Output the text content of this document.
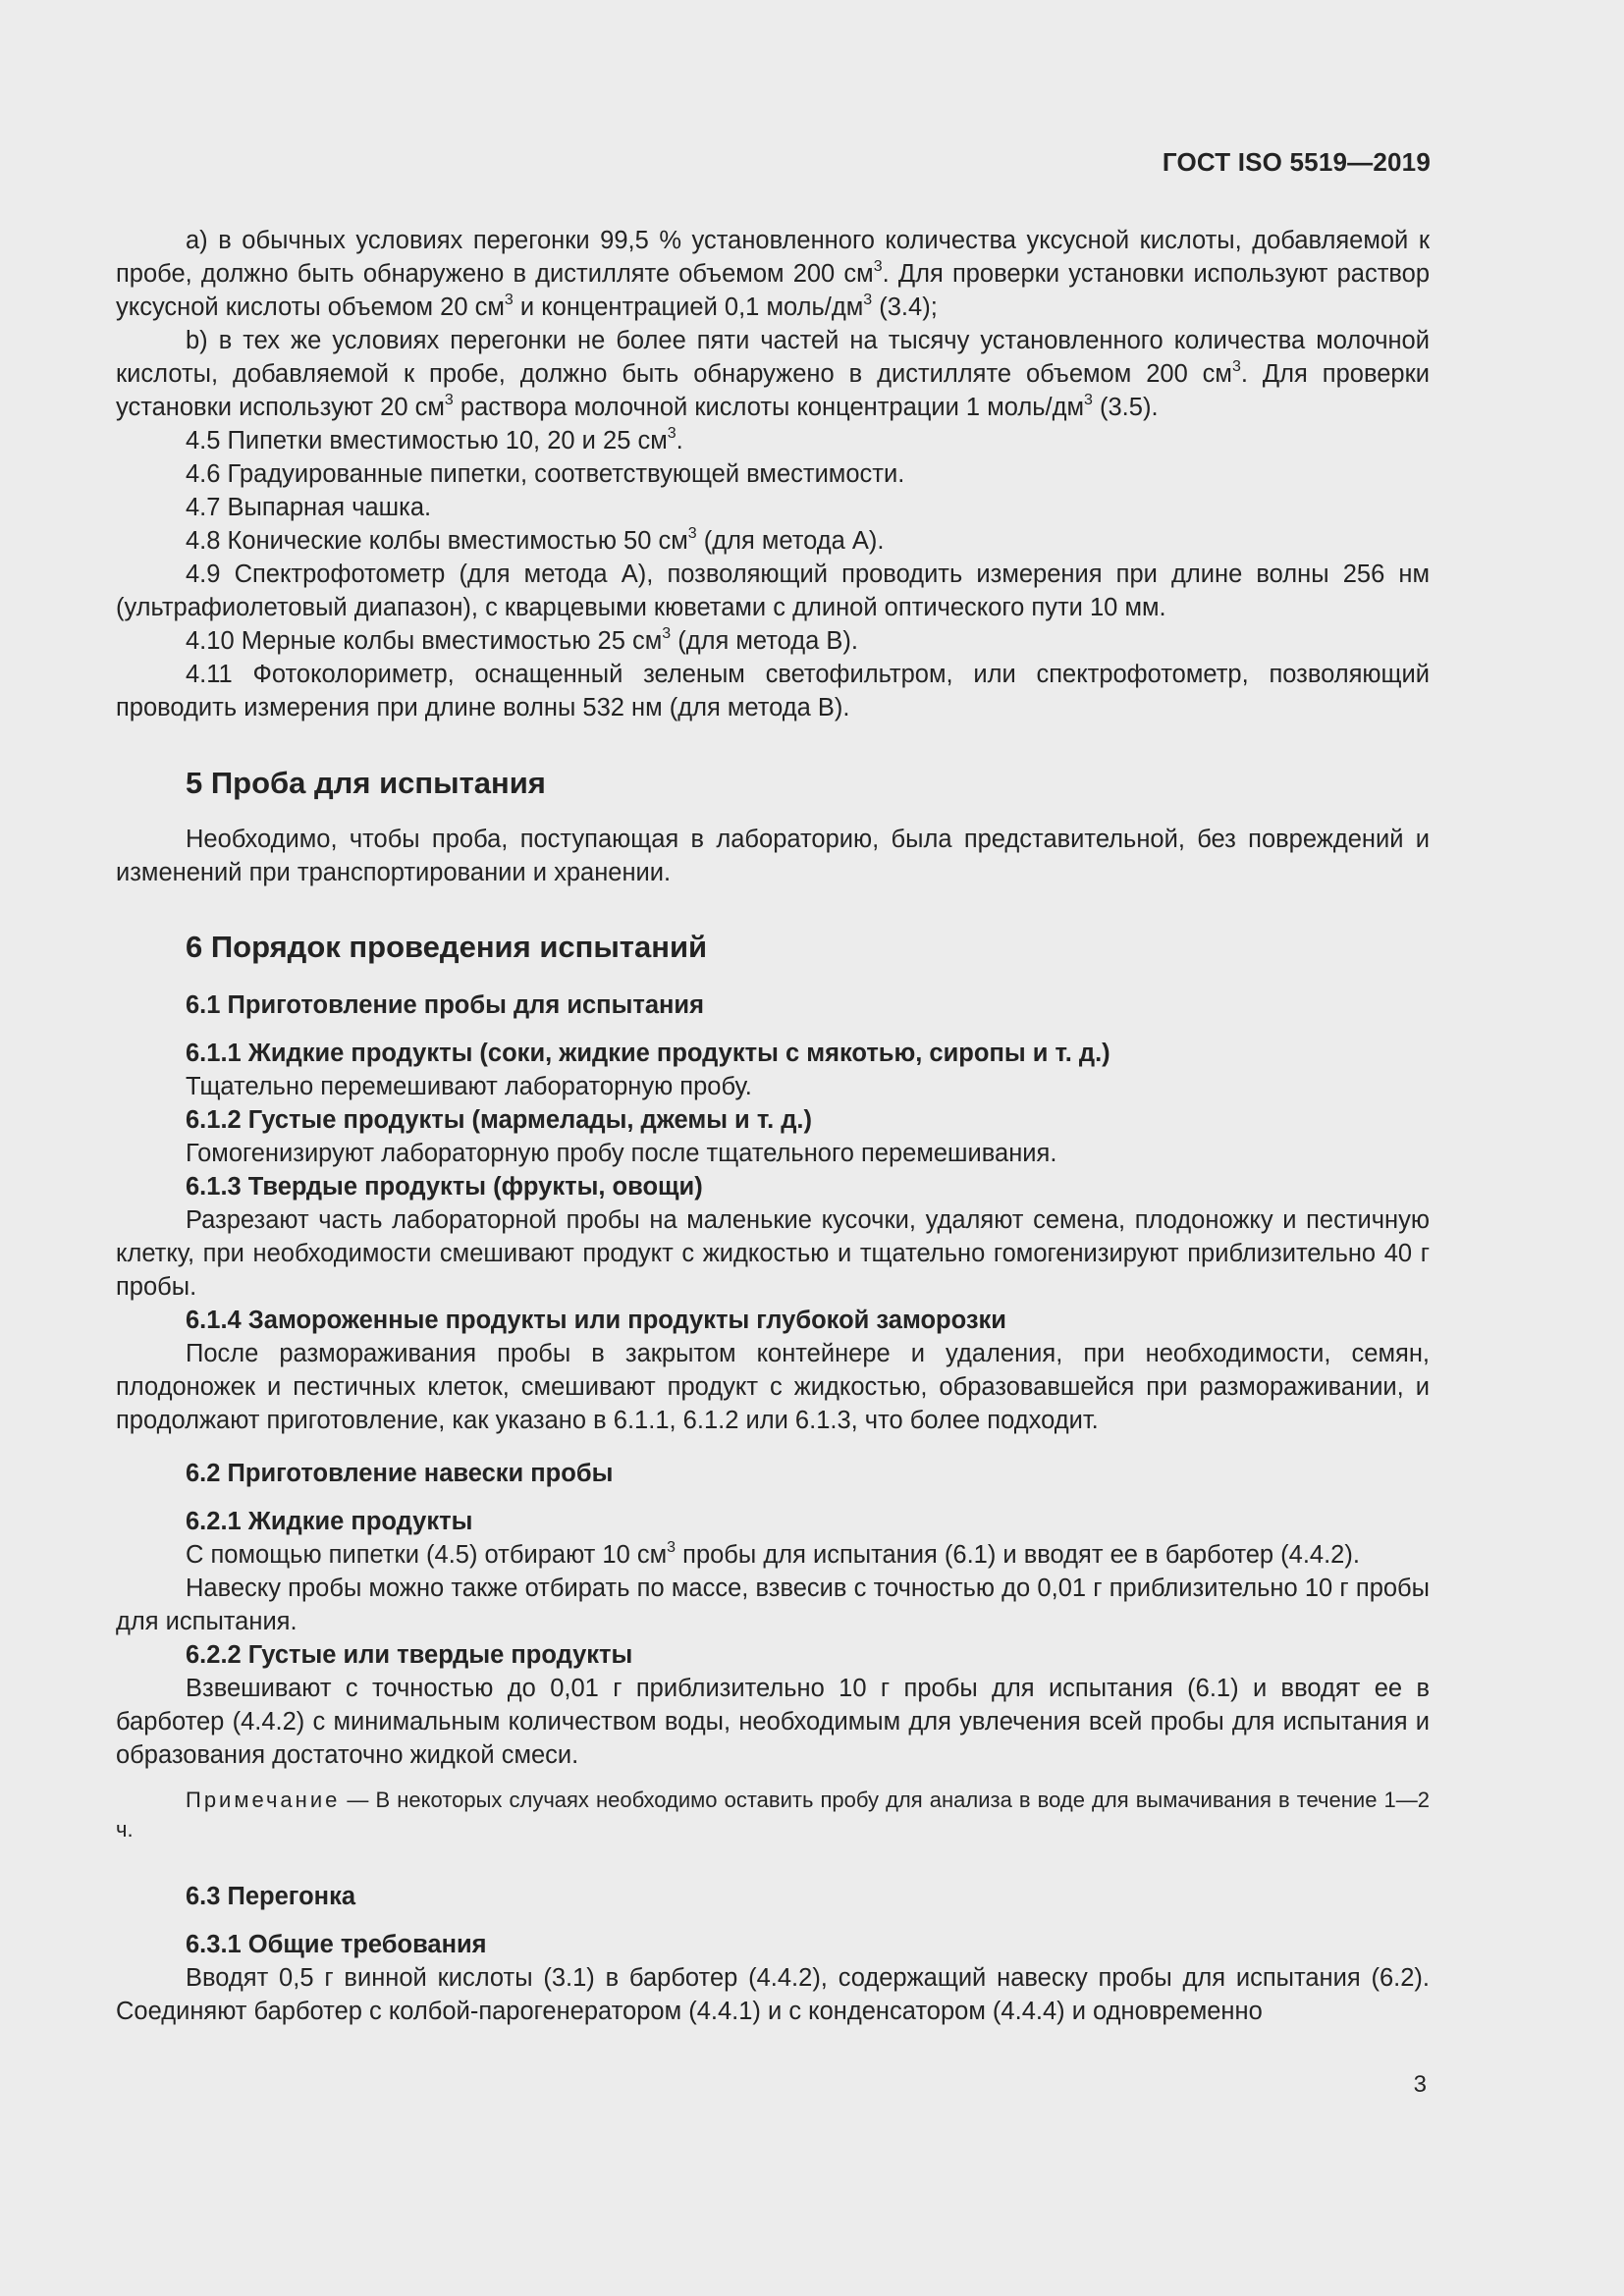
ГОСТ ISO 5519—2019

а) в обычных условиях перегонки 99,5 % установленного количества уксусной кислоты, добавляемой к пробе, должно быть обнаружено в дистилляте объемом 200 $см^3$. Для проверки установки используют раствор уксусной кислоты объемом 20 $см^3$ и концентрацией 0,1 моль/$дм^3$ (3.4);

b) в тех же условиях перегонки не более пяти частей на тысячу установленного количества молочной кислоты, добавляемой к пробе, должно быть обнаружено в дистилляте объемом 200 $см^3$. Для проверки установки используют 20 $см^3$ раствора молочной кислоты концентрации 1 моль/$дм^3$ (3.5).

4.5 Пипетки вместимостью 10, 20 и 25 $см^3$.

4.6 Градуированные пипетки, соответствующей вместимости.

4.7 Выпарная чашка.

4.8 Конические колбы вместимостью 50 $см^3$ (для метода А).

4.9 Спектрофотометр (для метода А), позволяющий проводить измерения при длине волны 256 нм (ультрафиолетовый диапазон), с кварцевыми кюветами с длиной оптического пути 10 мм.

4.10 Мерные колбы вместимостью 25 $см^3$ (для метода В).

4.11 Фотоколориметр, оснащенный зеленым светофильтром, или спектрофотометр, позволяющий проводить измерения при длине волны 532 нм (для метода В).

5 Проба для испытания

Необходимо, чтобы проба, поступающая в лабораторию, была представительной, без повреждений и изменений при транспортировании и хранении.

6 Порядок проведения испытаний
6.1 Приготовление пробы для испытания
6.1.1 Жидкие продукты (соки, жидкие продукты с мякотью, сиропы и т. д.)

Тщательно перемешивают лабораторную пробу.

6.1.2 Густые продукты (мармелады, джемы и т. д.)

Гомогенизируют лабораторную пробу после тщательного перемешивания.

6.1.3 Твердые продукты (фрукты, овощи)

Разрезают часть лабораторной пробы на маленькие кусочки, удаляют семена, плодоножку и пестичную клетку, при необходимости смешивают продукт с жидкостью и тщательно гомогенизируют приблизительно 40 г пробы.

6.1.4 Замороженные продукты или продукты глубокой заморозки

После размораживания пробы в закрытом контейнере и удаления, при необходимости, семян, плодоножек и пестичных клеток, смешивают продукт с жидкостью, образовавшейся при размораживании, и продолжают приготовление, как указано в 6.1.1, 6.1.2 или 6.1.3, что более подходит.

6.2 Приготовление навески пробы
6.2.1 Жидкие продукты

С помощью пипетки (4.5) отбирают 10 $см^3$ пробы для испытания (6.1) и вводят ее в барботер (4.4.2).

Навеску пробы можно также отбирать по массе, взвесив с точностью до 0,01 г приблизительно 10 г пробы для испытания.

6.2.2 Густые или твердые продукты

Взвешивают с точностью до 0,01 г приблизительно 10 г пробы для испытания (6.1) и вводят ее в барботер (4.4.2) с минимальным количеством воды, необходимым для увлечения всей пробы для испытания и образования достаточно жидкой смеси.

Примечание — В некоторых случаях необходимо оставить пробу для анализа в воде для вымачивания в течение 1—2 ч.

6.3 Перегонка
6.3.1 Общие требования

Вводят 0,5 г винной кислоты (3.1) в барботер (4.4.2), содержащий навеску пробы для испытания (6.2). Соединяют барботер с колбой-парогенератором (4.4.1) и с конденсатором (4.4.4) и одновременно

3
